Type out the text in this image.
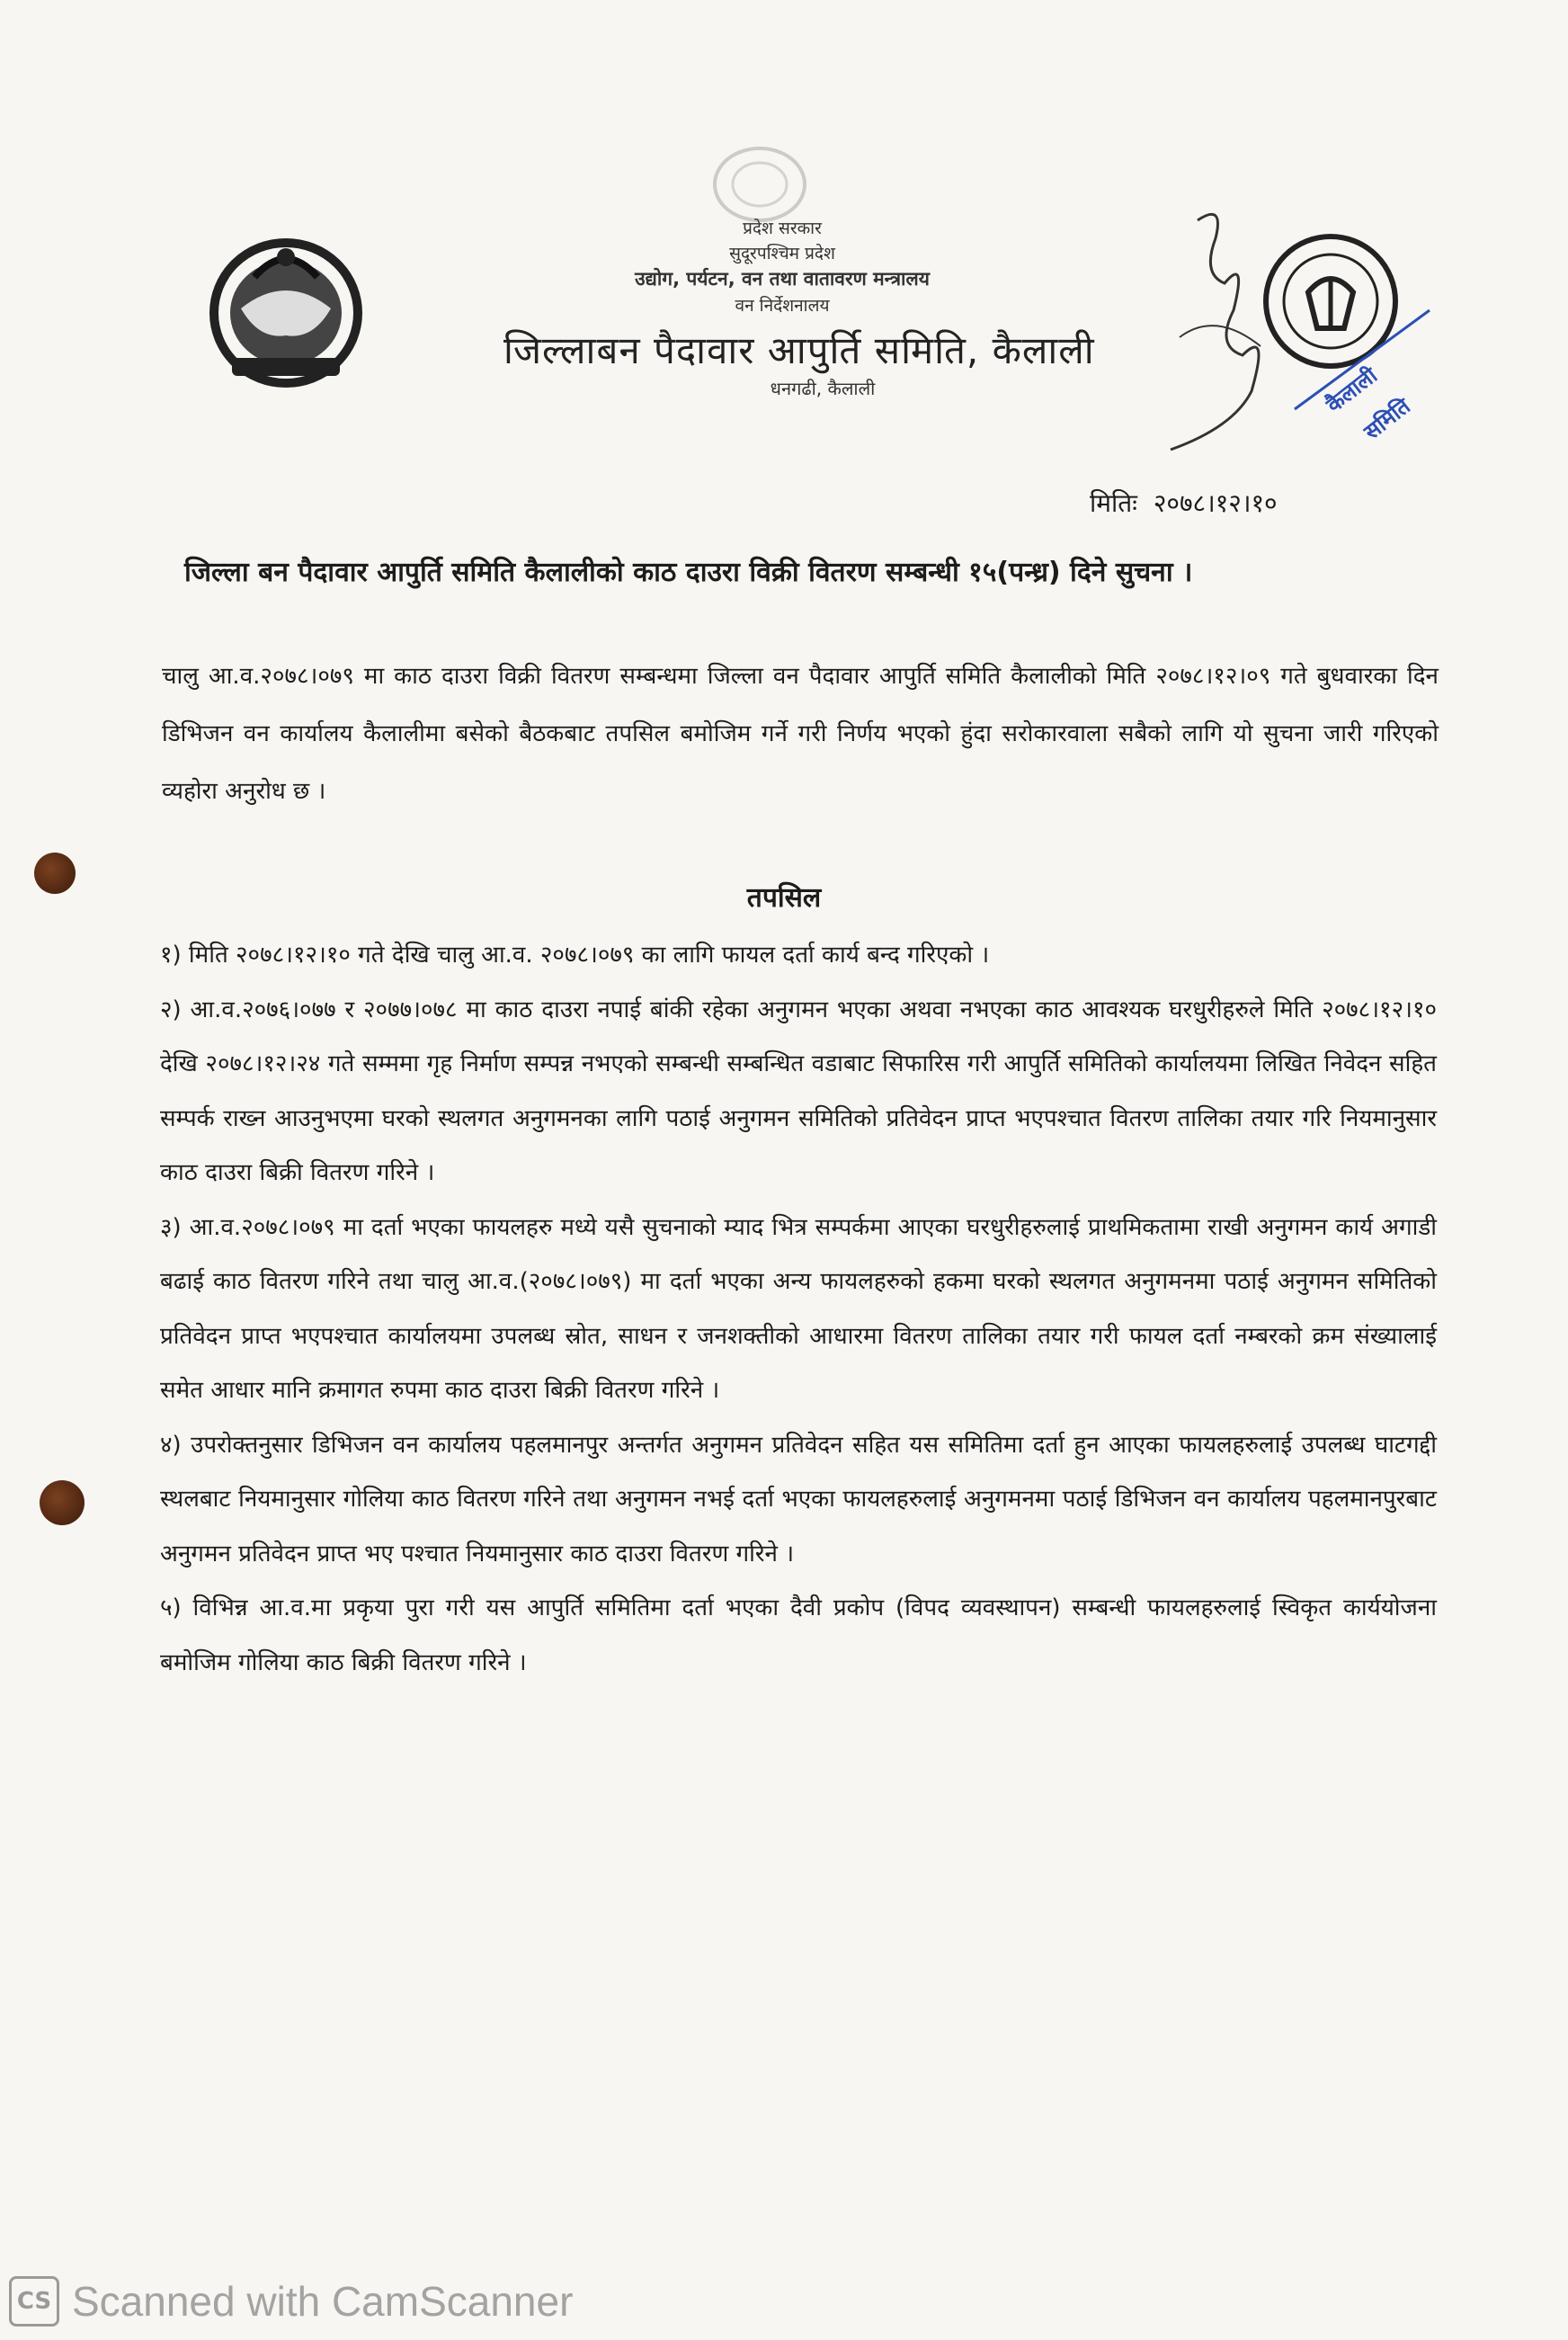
प्रदेश सरकार
सुदूरपश्चिम प्रदेश
उद्योग, पर्यटन, वन तथा वातावरण मन्त्रालय
वन निर्देशनालय
जिल्लाबन पैदावार आपुर्ति समिति, कैलाली
धनगढी, कैलाली	कैलाली
समिति
मितिः २०७८।१२।१०
जिल्ला बन पैदावार आपुर्ति समिति कैलालीको काठ दाउरा विक्री वितरण सम्बन्धी १५(पन्ध्र) दिने सुचना ।
चालु आ.व.२०७८।०७९ मा काठ दाउरा विक्री वितरण सम्बन्धमा जिल्ला वन पैदावार आपुर्ति समिति कैलालीको मिति २०७८।१२।०९ गते बुधवारका दिन डिभिजन वन कार्यालय कैलालीमा बसेको बैठकबाट तपसिल बमोजिम गर्ने गरी निर्णय भएको हुंदा सरोकारवाला सबैको लागि यो सुचना जारी गरिएको व्यहोरा अनुरोध छ ।
तपसिल

१) मिति २०७८।१२।१० गते देखि चालु आ.व. २०७८।०७९ का लागि फायल दर्ता कार्य बन्द गरिएको ।

२) आ.व.२०७६।०७७ र २०७७।०७८ मा काठ दाउरा नपाई बांकी रहेका अनुगमन भएका अथवा नभएका काठ आवश्यक घरधुरीहरुले मिति २०७८।१२।१० देखि २०७८।१२।२४ गते सम्ममा गृह निर्माण सम्पन्न नभएको सम्बन्धी सम्बन्धित वडाबाट सिफारिस गरी आपुर्ति समितिको कार्यालयमा लिखित निवेदन सहित सम्पर्क राख्न आउनुभएमा घरको स्थलगत अनुगमनका लागि पठाई अनुगमन समितिको प्रतिवेदन प्राप्त भएपश्चात वितरण तालिका तयार गरि नियमानुसार काठ दाउरा बिक्री वितरण गरिने ।

३) आ.व.२०७८।०७९ मा दर्ता भएका फायलहरु मध्ये यसै सुचनाको म्याद भित्र सम्पर्कमा आएका घरधुरीहरुलाई प्राथमिकतामा राखी अनुगमन कार्य अगाडी बढाई काठ वितरण गरिने तथा चालु आ.व.(२०७८।०७९) मा दर्ता भएका अन्य फायलहरुको हकमा घरको स्थलगत अनुगमनमा पठाई अनुगमन समितिको प्रतिवेदन प्राप्त भएपश्चात कार्यालयमा उपलब्ध स्रोत, साधन र जनशक्तीको आधारमा वितरण तालिका तयार गरी फायल दर्ता नम्बरको क्रम संख्यालाई समेत आधार मानि क्रमागत रुपमा काठ दाउरा बिक्री वितरण गरिने ।

४) उपरोक्तनुसार डिभिजन वन कार्यालय पहलमानपुर अन्तर्गत अनुगमन प्रतिवेदन सहित यस समितिमा दर्ता हुन आएका फायलहरुलाई उपलब्ध घाटगद्दी स्थलबाट नियमानुसार गोलिया काठ वितरण गरिने तथा अनुगमन नभई दर्ता भएका फायलहरुलाई अनुगमनमा पठाई डिभिजन वन कार्यालय पहलमानपुरबाट अनुगमन प्रतिवेदन प्राप्त भए पश्चात नियमानुसार काठ दाउरा वितरण गरिने ।

५) विभिन्न आ.व.मा प्रकृया पुरा गरी यस आपुर्ति समितिमा दर्ता भएका दैवी प्रकोप (विपद व्यवस्थापन) सम्बन्धी फायलहरुलाई स्विकृत कार्ययोजना बमोजिम गोलिया काठ बिक्री वितरण गरिने ।

CS Scanned with CamScanner
